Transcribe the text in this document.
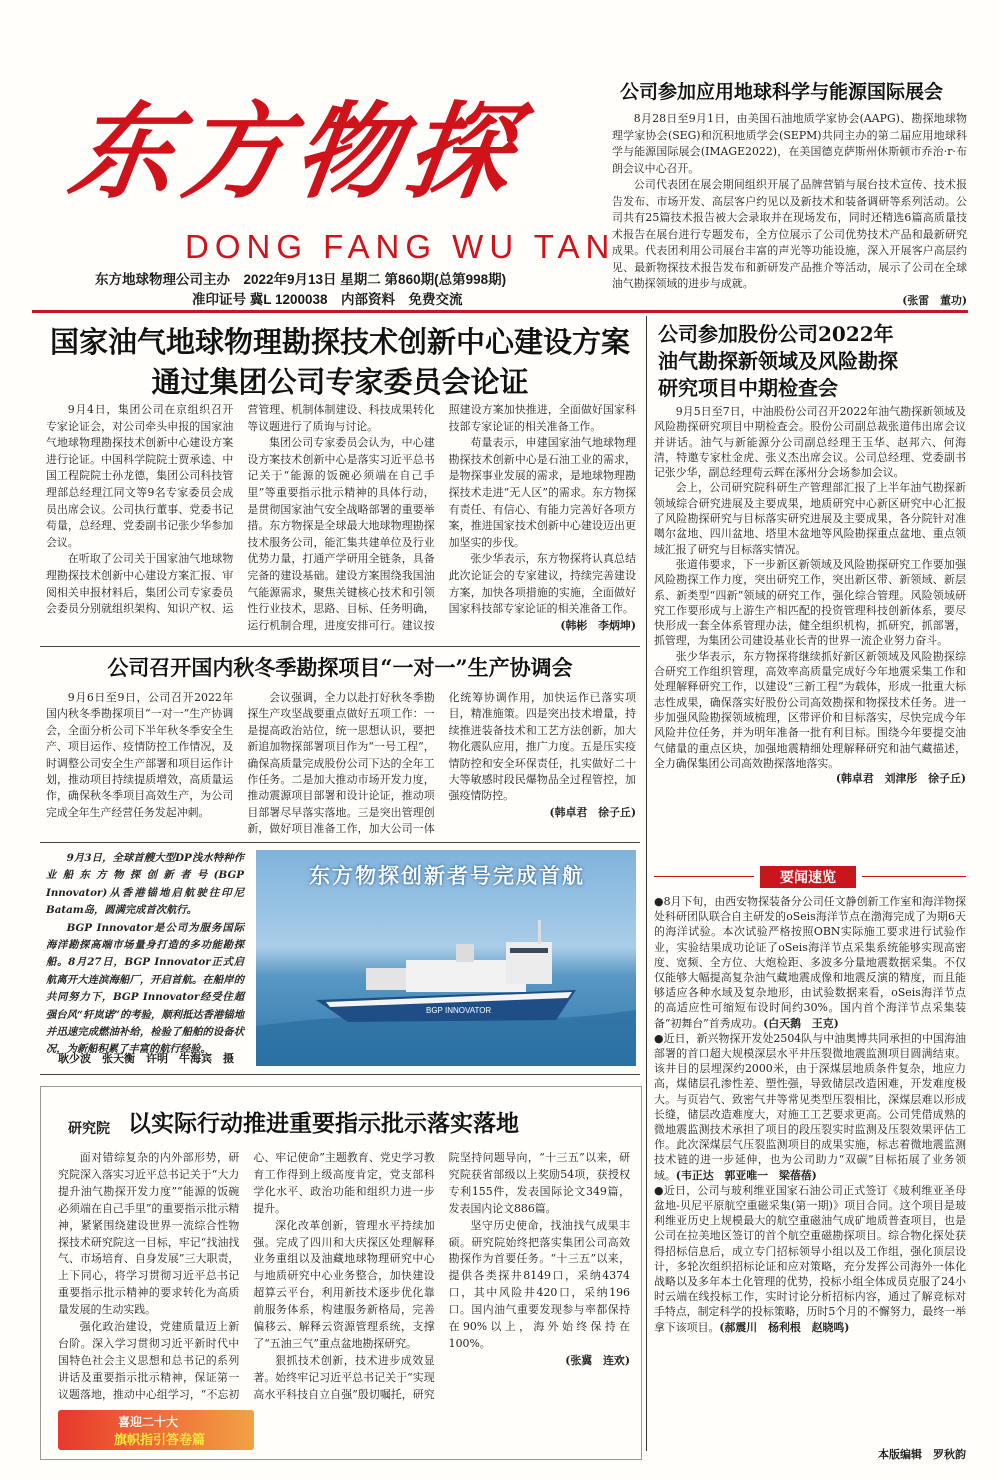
东方物探
DONG FANG WU TAN
东方地球物理公司主办　2022年9月13日 星期二 第860期(总第998期)
准印证号 冀L 1200038　内部资料　免费交流
公司参加应用地球科学与能源国际展会

8月28日至9月1日，由美国石油地质学家协会(AAPG)、勘探地球物理学家协会(SEG)和沉积地质学会(SEPM)共同主办的第二届应用地球科学与能源国际展会(IMAGE2022)，在美国德克萨斯州休斯顿市乔治·r·布朗会议中心召开。

公司代表团在展会期间组织开展了品牌营销与展台技术宣传、技术报告发布、市场开发、高层客户约见以及新技术和装备调研等系列活动。公司共有25篇技术报告被大会录取并在现场发布，同时还精选6篇高质量技术报告在展台进行专题发布，全方位展示了公司优势技术产品和最新研究成果。代表团利用公司展台丰富的声光等功能设施，深入开展客户高层约见、最新物探技术报告发布和新研发产品推介等活动，展示了公司在全球油气勘探领域的进步与成就。

(张雷　董功)

国家油气地球物理勘探技术创新中心建设方案
通过集团公司专家委员会论证

9月4日，集团公司在京组织召开专家论证会，对公司牵头申报的国家油气地球物理勘探技术创新中心建设方案进行论证。中国科学院院士贾承逵、中国工程院院士孙龙德，集团公司科技管理部总经理江同文等9名专家委员会成员出席会议。公司执行董事、党委书记苟量，总经理、党委副书记张少华参加会议。

在听取了公司关于国家油气地球物理勘探技术创新中心建设方案汇报、审阅相关申报材料后，集团公司专家委员会委员分别就组织架构、知识产权、运营管理、机制体制建设、科技成果转化等议题进行了质询与讨论。

集团公司专家委员会认为，中心建设方案技术创新中心是落实习近平总书记关于“能源的饭碗必须端在自己手里”等重要指示批示精神的具体行动，是贯彻国家油气安全战略部署的重要举措。东方物探是全球最大地球物理勘探技术服务公司，能汇集共建单位及行业优势力量，打通产学研用全链条，具备完备的建设基础。建设方案围绕我国油气能源需求，聚焦关键核心技术和引领性行业技术，思路、目标、任务明确，运行机制合理，进度安排可行。建议按照建设方案加快推进，全面做好国家科技部专家论证的相关准备工作。

苟量表示，申建国家油气地球物理勘探技术创新中心是石油工业的需求，是物探事业发展的需求，是地球物理勘探技术走进“无人区”的需求。东方物探有责任、有信心、有能力完善好各项方案，推进国家技术创新中心建设迈出更加坚实的步伐。

张少华表示，东方物探将认真总结此次论证会的专家建议，持续完善建设方案，加快各项措施的实施，全面做好国家科技部专家论证的相关准备工作。

(韩彬　李炳坤)

公司召开国内秋冬季勘探项目“一对一”生产协调会

9月6日至9日，公司召开2022年国内秋冬季勘探项目“一对一”生产协调会，全面分析公司下半年秋冬季安全生产、项目运作、疫情防控工作情况，及时调整公司安全生产部署和项目运作计划，推动项目持续提质增效，高质量运作，确保秋冬季项目高效生产，为公司完成全年生产经营任务发起冲刺。

会议强调，全力以赴打好秋冬季勘探生产攻坚战要重点做好五项工作：一是提高政治站位，统一思想认识，要把新追加物探部署项目作为“一号工程”，确保高质量完成股份公司下达的全年工作任务。二是加大推动市场开发力度，推动震源项目部署和设计论证，推动项目部署尽早落实落地。三是突出管理创新，做好项目准备工作，加大公司一体化统筹协调作用，加快运作已落实项目，精准施策。四是突出技术增量，持续推进装备技术和工艺方法创新，加大物化震队应用，推广力度。五是压实疫情防控和安全环保责任，扎实做好二十大等敏感时段民爆物品全过程管控，加强疫情防控。

(韩卓君　徐子丘)

9月3日，全球首艘大型DP浅水特种作业船东方物探创新者号(BGP Innovator)从香港锚地启航驶往印尼Batam岛，圆满完成首次航行。

BGP Innovator是公司为服务国际海洋勘探高端市场量身打造的多功能勘探船。8月27日，BGP Innovator正式启航离开大连滨海船厂，开启首航。在船岸的共同努力下，BGP Innovator经受住超强台风“轩岚诺”的考验，顺利抵达香港锚地并迅速完成燃油补给，检验了船舶的设备状况，为新船积累了丰富的航行经验。

耿少波　张天衡　许明　牛海宾　摄
东方物探创新者号完成首航
BGP INNOVATOR
研究院 以实际行动推进重要指示批示落实落地

面对错综复杂的内外部形势，研究院深入落实习近平总书记关于“大力提升油气勘探开发力度”“能源的饭碗必须端在自己手里”的重要指示批示精神，紧紧围绕建设世界一流综合性物探技术研究院这一目标，牢记“找油找气、市场培育、自身发展”三大职责，上下同心，将学习贯彻习近平总书记重要指示批示精神的要求转化为高质量发展的生动实践。

强化政治建设，党建质量迈上新台阶。深入学习贯彻习近平新时代中国特色社会主义思想和总书记的系列讲话及重要指示批示精神，保证第一议题落地，推动中心组学习，“不忘初心、牢记使命”主题教育、党史学习教育工作得到上级高度肯定，党支部科学化水平、政治功能和组织力进一步提升。

深化改革创新，管理水平持续加强。完成了四川和大庆探区处理解释业务重组以及油藏地球物理研究中心与地质研究中心业务整合，加快建设超算云平台，利用新技术逐步优化靠前服务体系，构建服务新格局，完善偏移云、解释云资源管理系统，支撑了“五油三气”重点盆地勘探研究。

狠抓技术创新，技术进步成效显著。始终牢记习近平总书记关于“实现高水平科技自立自强”殷切嘱托，研究院坚持问题导向，“十三五”以来，研究院获省部级以上奖励54项，获授权专利155件，发表国际论文349篇，发表国内论文886篇。

坚守历史使命，找油找气成果丰硕。研究院始终把落实集团公司高效勘探作为首要任务。“十三五”以来，提供各类探井8149口，采纳4374口，其中风险井420口，采纳196口。国内油气重要发现参与率都保持在90%以上，海外始终保持在100%。

(张冀　连欢)

喜迎二十大
旗帜指引答卷篇
公司参加股份公司2022年
油气勘探新领域及风险勘探
研究项目中期检查会

9月5日至7日，中油股份公司召开2022年油气勘探新领域及风险勘探研究项目中期检查会。股份公司副总裁张道伟出席会议并讲话。油气与新能源分公司副总经理王玉华、赵邦六、何海清，特邀专家杜金虎、张义杰出席会议。公司总经理、党委副书记张少华，副总经理苟云辉在涿州分会场参加会议。

会上，公司研究院科研生产管理部汇报了上半年油气勘探新领域综合研究进展及主要成果，地质研究中心新区研究中心汇报了风险勘探研究与目标落实研究进展及主要成果，各分院针对准噶尔盆地、四川盆地、塔里木盆地等风险勘探重点盆地、重点领域汇报了研究与目标落实情况。

张道伟要求，下一步新区新领域及风险勘探研究工作要加强风险勘探工作力度，突出研究工作，突出新区带、新领域、新层系、新类型“四新”领域的研究工作，强化综合管理。风险领域研究工作要形成与上游生产相匹配的投资管理科技创新体系，要尽快形成一套全体系管理办法，健全组织机构，抓研究，抓部署，抓管理，为集团公司建设基业长青的世界一流企业努力奋斗。

张少华表示，东方物探将继续抓好新区新领域及风险勘探综合研究工作组织管理，高效率高质量完成好今年地震采集工作和处理解释研究工作，以建设“三新工程”为载体，形成一批重大标志性成果，确保落实好股份公司高效勘探和物探技术任务。进一步加强风险勘探领域梳理，区带评价和目标落实，尽快完成今年风险井位任务，并为明年准备一批有利目标。围绕今年要提交油气储量的重点区块，加强地震精细处理解释研究和油气藏描述，全力确保集团公司高效勘探落地落实。

(韩卓君　刘津彤　徐子丘)

要闻速览

●8月下旬，由西安物探装备分公司任文静创新工作室和海洋物探处科研团队联合自主研发的oSeis海洋节点在渤海完成了为期6天的海洋试验。本次试验严格按照OBN实际施工要求进行试验作业，实验结果成功论证了oSeis海洋节点采集系统能够实现高密度、宽频、全方位、大炮检距、多波多分量地震数据采集。不仅仅能够大幅提高复杂油气藏地震成像和地震反演的精度，而且能够适应各种水域及复杂地形，由试验数据来看，oSeis海洋节点的高适应性可缩短布设时间约30%。国内首个海洋节点采集装备“初舞台”首秀成功。(白天鹅　王克)

●近日，新兴物探开发处2504队与中油奥博共同承担的中国海油部署的首口超大规模深层水平井压裂微地震监测项目圆满结束。该井目的层埋深约2000米，由于深煤层地质条件复杂，地应力高，煤储层孔渗性差、塑性强，导致储层改造困难，开发难度极大。与页岩气、致密气井等常见类型压裂相比，深煤层难以形成长缝，储层改造难度大，对施工工艺要求更高。公司凭借成熟的微地震监测技术承担了项目的段压裂实时监测及压裂效果评估工作。此次深煤层气压裂监测项目的成果实施，标志着微地震监测技术链的进一步延伸，也为公司助力“双碳”目标拓展了业务领域。(韦正达　郭亚唯一　梁蓓蓓)

●近日，公司与玻利维亚国家石油公司正式签订《玻利维亚圣母盆地-贝尼平原航空重磁采集(第一期)》项目合同。这个项目是玻利维亚历史上规模最大的航空重磁油气成矿地质普查项目，也是公司在拉美地区签订的首个航空重磁勘探项目。综合物化探处获得招标信息后，成立专门招标领导小组以及工作组，强化顶层设计，多轮次组织招标论证和应对策略，充分发挥公司海外一体化战略以及多年本土化管理的优势，投标小组全体成员克服了24小时云端在线投标工作，实时讨论分析招标内容，通过了解竞标对手特点，制定科学的投标策略，历时5个月的不懈努力，最终一举拿下该项目。(郝震川　杨利根　赵晓鸣)

本版编辑　罗秋韵
